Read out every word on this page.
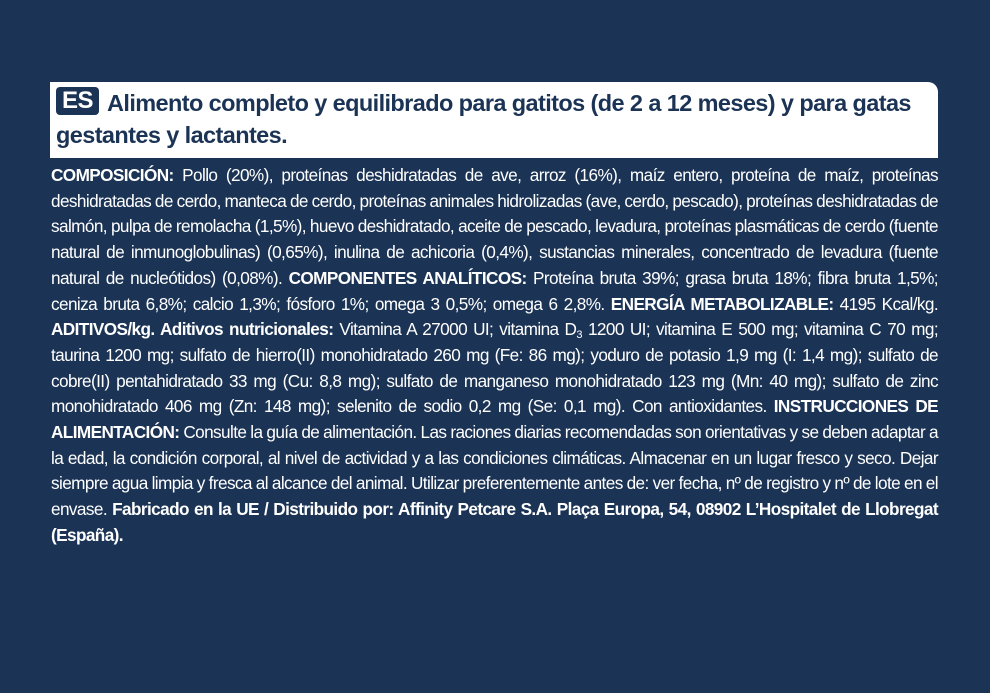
ES Alimento completo y equilibrado para gatitos (de 2 a 12 meses) y para gatas gestantes y lactantes.
COMPOSICIÓN: Pollo (20%), proteínas deshidratadas de ave, arroz (16%), maíz entero, proteína de maíz, proteínas deshidratadas de cerdo, manteca de cerdo, proteínas animales hidrolizadas (ave, cerdo, pescado), proteínas deshidratadas de salmón, pulpa de remolacha (1,5%), huevo deshidratado, aceite de pescado, levadura, proteínas plasmáticas de cerdo (fuente natural de inmunoglobulinas) (0,65%), inulina de achicoria (0,4%), sustancias minerales, concentrado de levadura (fuente natural de nucleótidos) (0,08%). COMPONENTES ANALÍTICOS: Proteína bruta 39%; grasa bruta 18%; fibra bruta 1,5%; ceniza bruta 6,8%; calcio 1,3%; fósforo 1%; omega 3 0,5%; omega 6 2,8%. ENERGÍA METABOLIZABLE: 4195 Kcal/kg. ADITIVOS/kg. Aditivos nutricionales: Vitamina A 27000 UI; vitamina D3 1200 UI; vitamina E 500 mg; vitamina C 70 mg; taurina 1200 mg; sulfato de hierro(II) monohidratado 260 mg (Fe: 86 mg); yoduro de potasio 1,9 mg (I: 1,4 mg); sulfato de cobre(II) pentahidratado 33 mg (Cu: 8,8 mg); sulfato de manganeso monohidratado 123 mg (Mn: 40 mg); sulfato de zinc monohidratado 406 mg (Zn: 148 mg); selenito de sodio 0,2 mg (Se: 0,1 mg). Con antioxidantes. INSTRUCCIONES DE ALIMENTACIÓN: Consulte la guía de alimentación. Las raciones diarias recomendadas son orientativas y se deben adaptar a la edad, la condición corporal, al nivel de actividad y a las condiciones climáticas. Almacenar en un lugar fresco y seco. Dejar siempre agua limpia y fresca al alcance del animal. Utilizar preferentemente antes de: ver fecha, nº de registro y nº de lote en el envase. Fabricado en la UE / Distribuido por: Affinity Petcare S.A. Plaça Europa, 54, 08902 L’Hospitalet de Llobregat (España).
